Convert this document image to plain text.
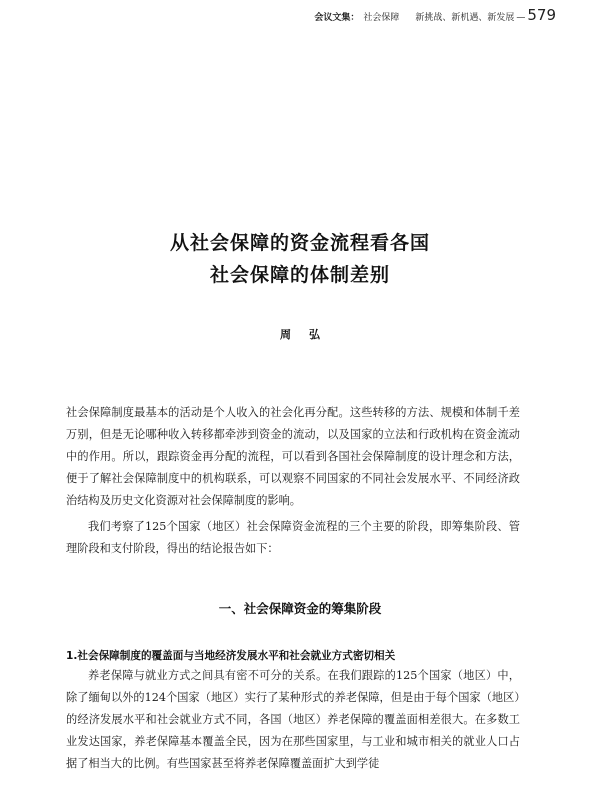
会议文集： 社会保障 新挑战、新机遇、新发展 — 579
从社会保障的资金流程看各国
社会保障的体制差别
周弘

社会保障制度最基本的活动是个人收入的社会化再分配。这些转移的方法、规模和体制千差万别，但是无论哪种收入转移都牵涉到资金的流动，以及国家的立法和行政机构在资金流动中的作用。所以，跟踪资金再分配的流程，可以看到各国社会保障制度的设计理念和方法，便于了解社会保障制度中的机构联系，可以观察不同国家的不同社会发展水平、不同经济政治结构及历史文化资源对社会保障制度的影响。

我们考察了125个国家（地区）社会保障资金流程的三个主要的阶段，即筹集阶段、管理阶段和支付阶段，得出的结论报告如下：

一、社会保障资金的筹集阶段
1.社会保障制度的覆盖面与当地经济发展水平和社会就业方式密切相关

养老保障与就业方式之间具有密不可分的关系。在我们跟踪的125个国家（地区）中，除了缅甸以外的124个国家（地区）实行了某种形式的养老保障，但是由于每个国家（地区）的经济发展水平和社会就业方式不同，各国（地区）养老保障的覆盖面相差很大。在多数工业发达国家，养老保障基本覆盖全民，因为在那些国家里，与工业和城市相关的就业人口占据了相当大的比例。有些国家甚至将养老保障覆盖面扩大到学徒
